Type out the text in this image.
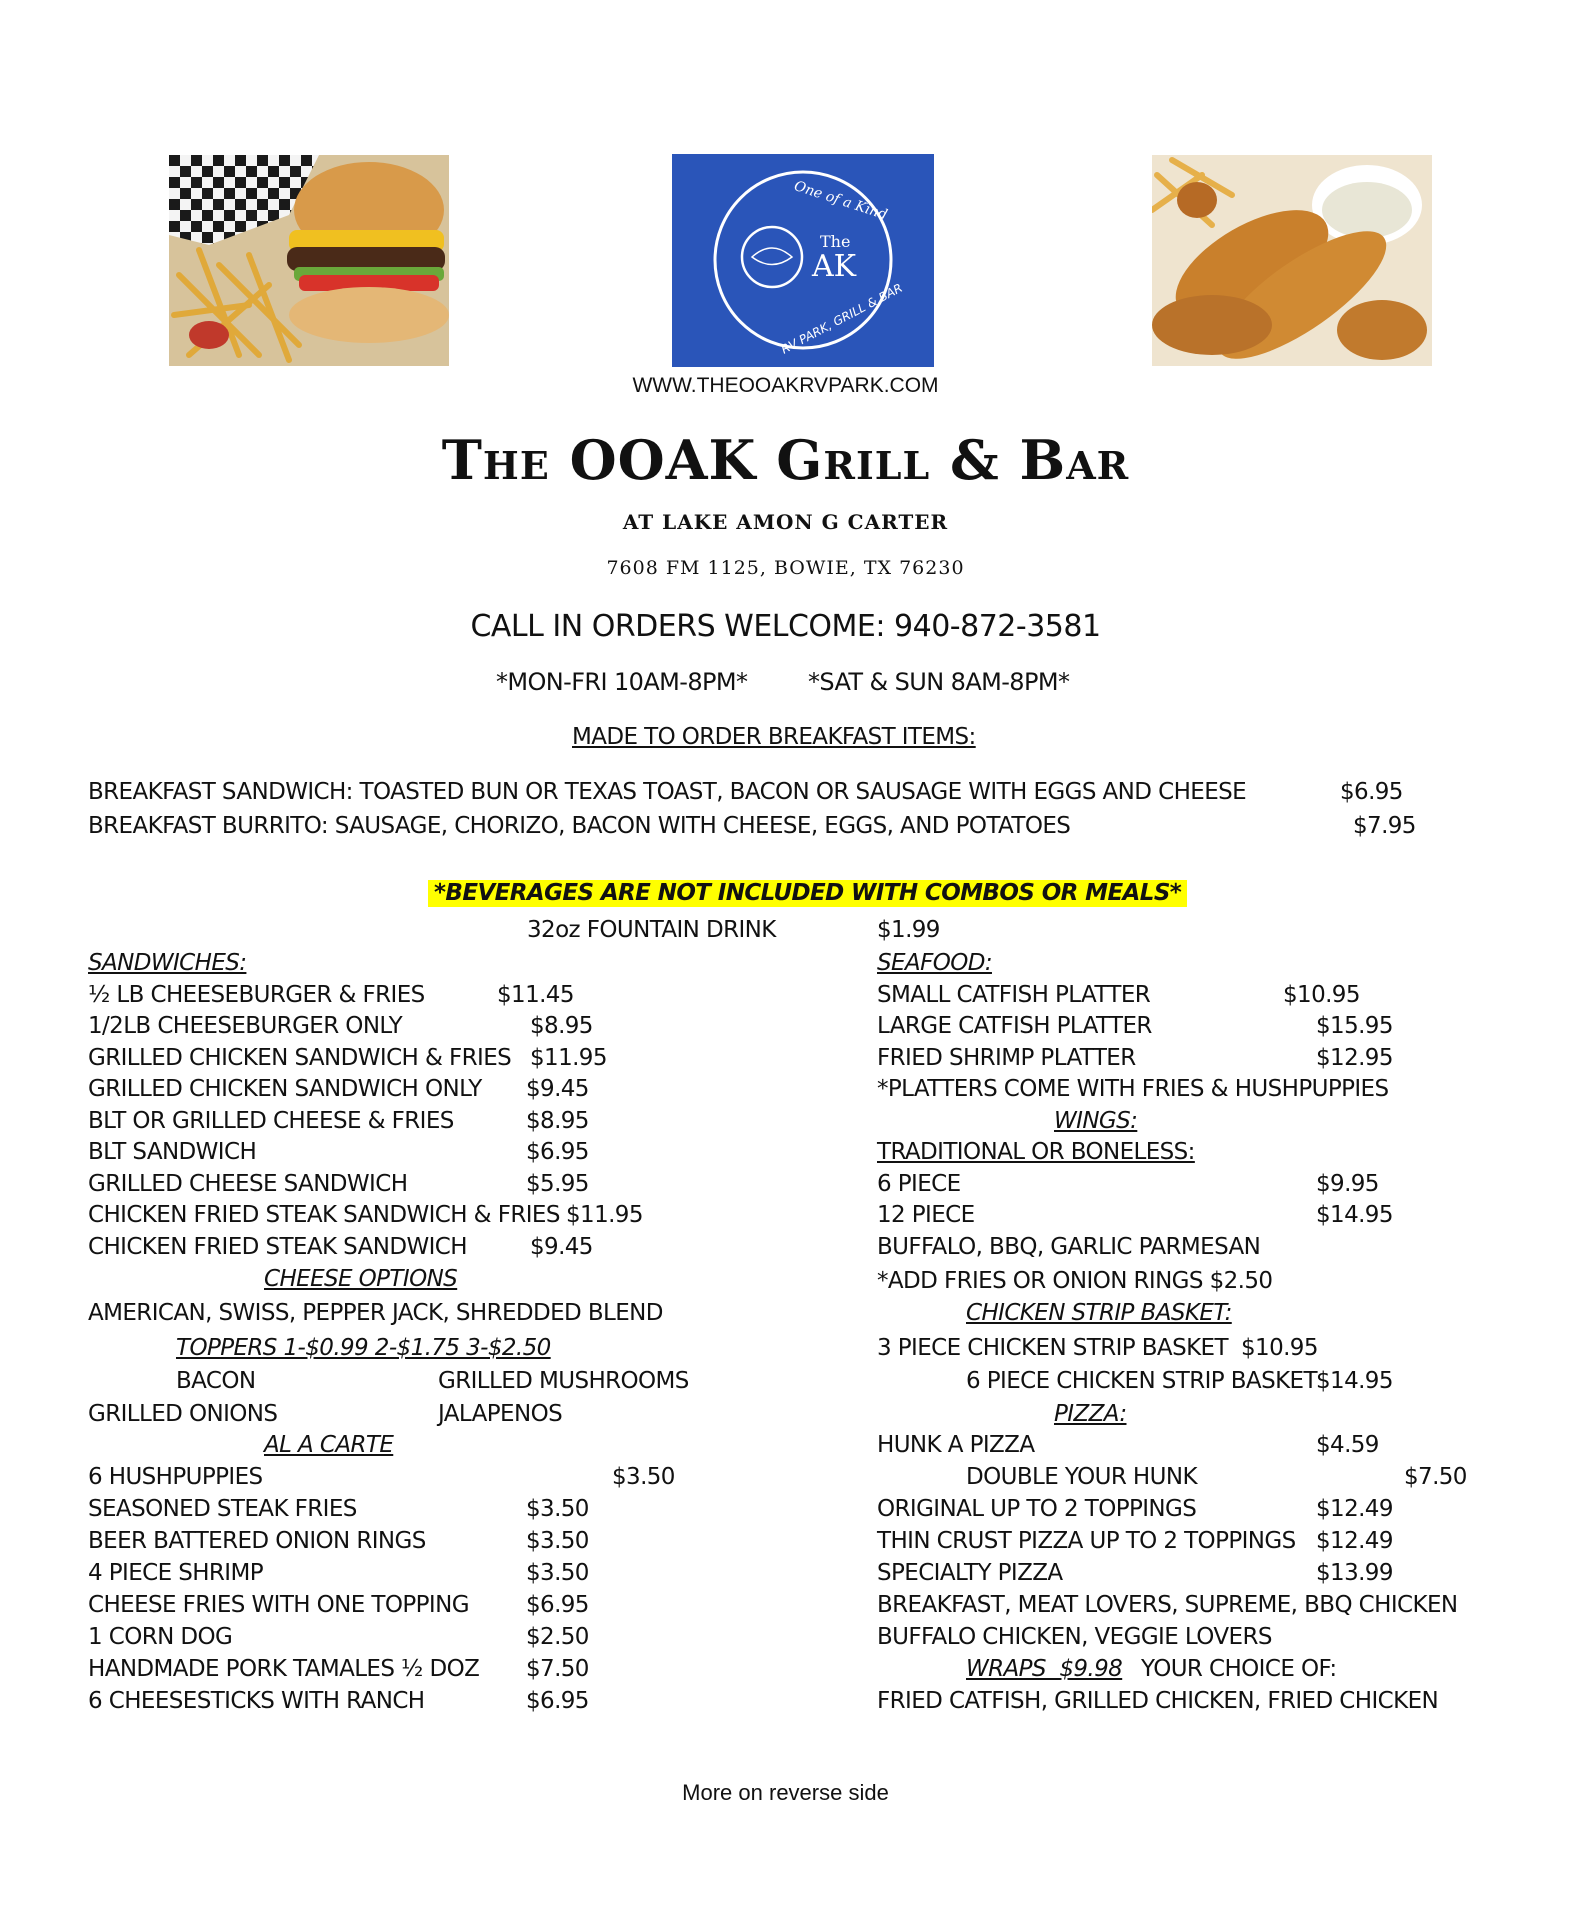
One of a Kind
The
AK
RV PARK, GRILL & BAR
WWW.THEOOAKRVPARK.COM
The OOAK Grill & Bar
AT LAKE AMON G CARTER
7608 FM 1125, BOWIE, TX 76230
CALL IN ORDERS WELCOME: 940-872-3581
*MON-FRI 10AM-8PM*	*SAT & SUN 8AM-8PM*
MADE TO ORDER BREAKFAST ITEMS:
BREAKFAST SANDWICH: TOASTED BUN OR TEXAS TOAST, BACON OR SAUSAGE WITH EGGS AND CHEESE	$6.95
BREAKFAST BURRITO: SAUSAGE, CHORIZO, BACON WITH CHEESE, EGGS, AND POTATOES	$7.95
*BEVERAGES ARE NOT INCLUDED WITH COMBOS OR MEALS*
32oz FOUNTAIN DRINK	$1.99
SANDWICHES:
½ LB CHEESEBURGER & FRIES	$11.45
1/2LB CHEESEBURGER ONLY	$8.95
GRILLED CHICKEN SANDWICH & FRIES $11.95
GRILLED CHICKEN SANDWICH ONLY $9.45
BLT OR GRILLED CHEESE & FRIES	$8.95
BLT SANDWICH	$6.95
GRILLED CHEESE SANDWICH	$5.95
CHICKEN FRIED STEAK SANDWICH & FRIES $11.95
CHICKEN FRIED STEAK SANDWICH	$9.45
CHEESE OPTIONS
AMERICAN, SWISS, PEPPER JACK, SHREDDED BLEND
TOPPERS 1-$0.99 2-$1.75 3-$2.50
BACON	GRILLED MUSHROOMS
GRILLED ONIONS	JALAPENOS
AL A CARTE
6 HUSHPUPPIES	$3.50
SEASONED STEAK FRIES	$3.50
BEER BATTERED ONION RINGS	$3.50
4 PIECE SHRIMP	$3.50
CHEESE FRIES WITH ONE TOPPING $6.95
1 CORN DOG	$2.50
HANDMADE PORK TAMALES ½ DOZ $7.50
6 CHEESESTICKS WITH RANCH	$6.95
SEAFOOD:
SMALL CATFISH PLATTER	$10.95
LARGE CATFISH PLATTER	$15.95
FRIED SHRIMP PLATTER	$12.95
*PLATTERS COME WITH FRIES & HUSHPUPPIES
WINGS:
TRADITIONAL OR BONELESS:
6 PIECE	$9.95
12 PIECE	$14.95
BUFFALO, BBQ, GARLIC PARMESAN
*ADD FRIES OR ONION RINGS $2.50
CHICKEN STRIP BASKET:
3 PIECE CHICKEN STRIP BASKET $10.95
6 PIECE CHICKEN STRIP BASKET $14.95
PIZZA:
HUNK A PIZZA	$4.59
DOUBLE YOUR HUNK	$7.50
ORIGINAL UP TO 2 TOPPINGS	$12.49
THIN CRUST PIZZA UP TO 2 TOPPINGS $12.49
SPECIALTY PIZZA	$13.99
BREAKFAST, MEAT LOVERS, SUPREME, BBQ CHICKEN
BUFFALO CHICKEN, VEGGIE LOVERS
WRAPS  $9.98 YOUR CHOICE OF:
FRIED CATFISH, GRILLED CHICKEN, FRIED CHICKEN
More on reverse side
